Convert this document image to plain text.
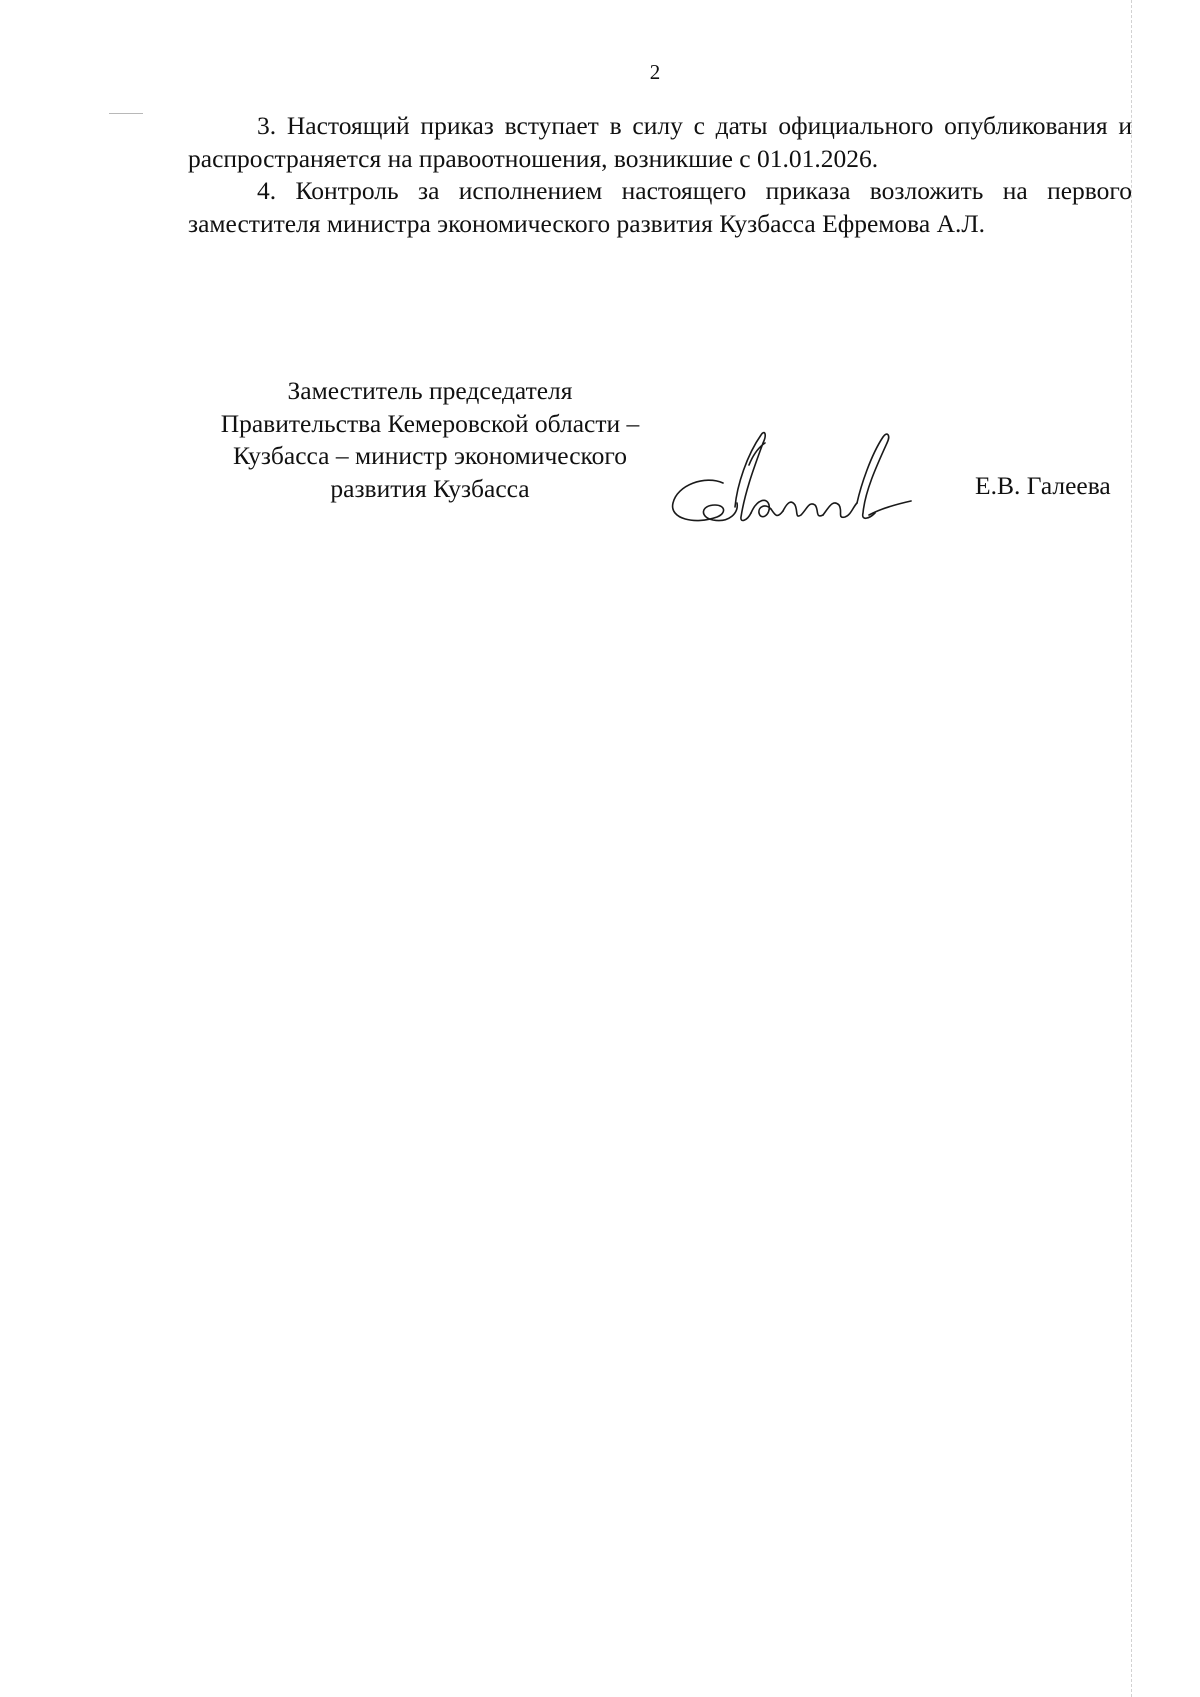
2

3. Настоящий приказ вступает в силу с даты официального опубликования и распространяется на правоотношения, возникшие с 01.01.2026.

4. Контроль за исполнением настоящего приказа возложить на первого заместителя министра экономического развития Кузбасса Ефремова А.Л.

Заместитель председателя
Правительства Кемеровской области –
Кузбасса – министр экономического
развития Кузбасса	Е.В. Галеева
